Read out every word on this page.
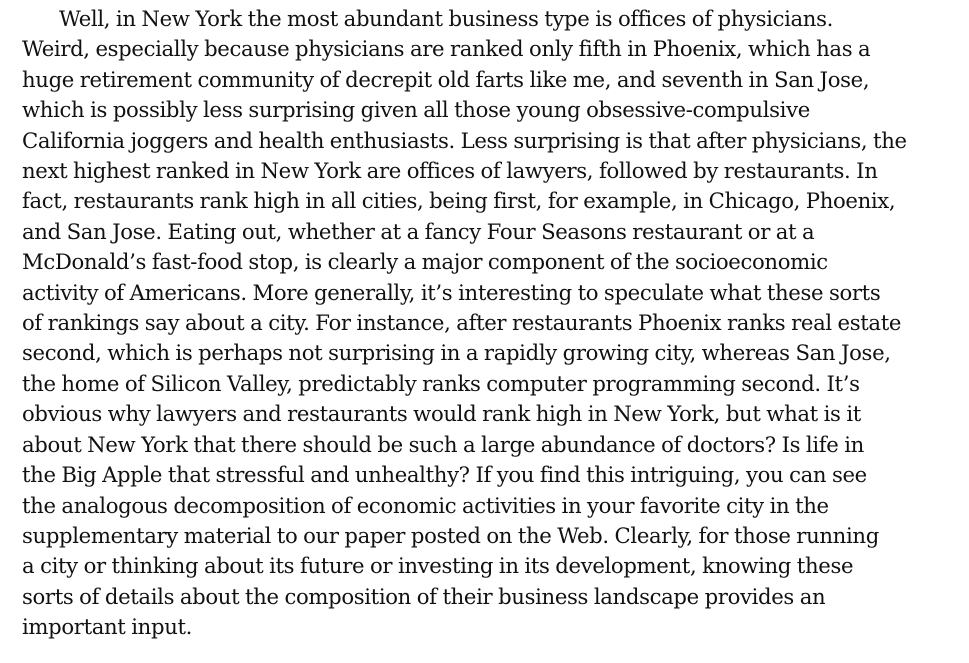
Well, in New York the most abundant business type is offices of physicians.
Weird, especially because physicians are ranked only fifth in Phoenix, which has a
huge retirement community of decrepit old farts like me, and seventh in San Jose,
which is possibly less surprising given all those young obsessive-compulsive
California joggers and health enthusiasts. Less surprising is that after physicians, the
next highest ranked in New York are offices of lawyers, followed by restaurants. In
fact, restaurants rank high in all cities, being first, for example, in Chicago, Phoenix,
and San Jose. Eating out, whether at a fancy Four Seasons restaurant or at a
McDonald’s fast-food stop, is clearly a major component of the socioeconomic
activity of Americans. More generally, it’s interesting to speculate what these sorts
of rankings say about a city. For instance, after restaurants Phoenix ranks real estate
second, which is perhaps not surprising in a rapidly growing city, whereas San Jose,
the home of Silicon Valley, predictably ranks computer programming second. It’s
obvious why lawyers and restaurants would rank high in New York, but what is it
about New York that there should be such a large abundance of doctors? Is life in
the Big Apple that stressful and unhealthy? If you find this intriguing, you can see
the analogous decomposition of economic activities in your favorite city in the
supplementary material to our paper posted on the Web. Clearly, for those running
a city or thinking about its future or investing in its development, knowing these
sorts of details about the composition of their business landscape provides an
important input.
